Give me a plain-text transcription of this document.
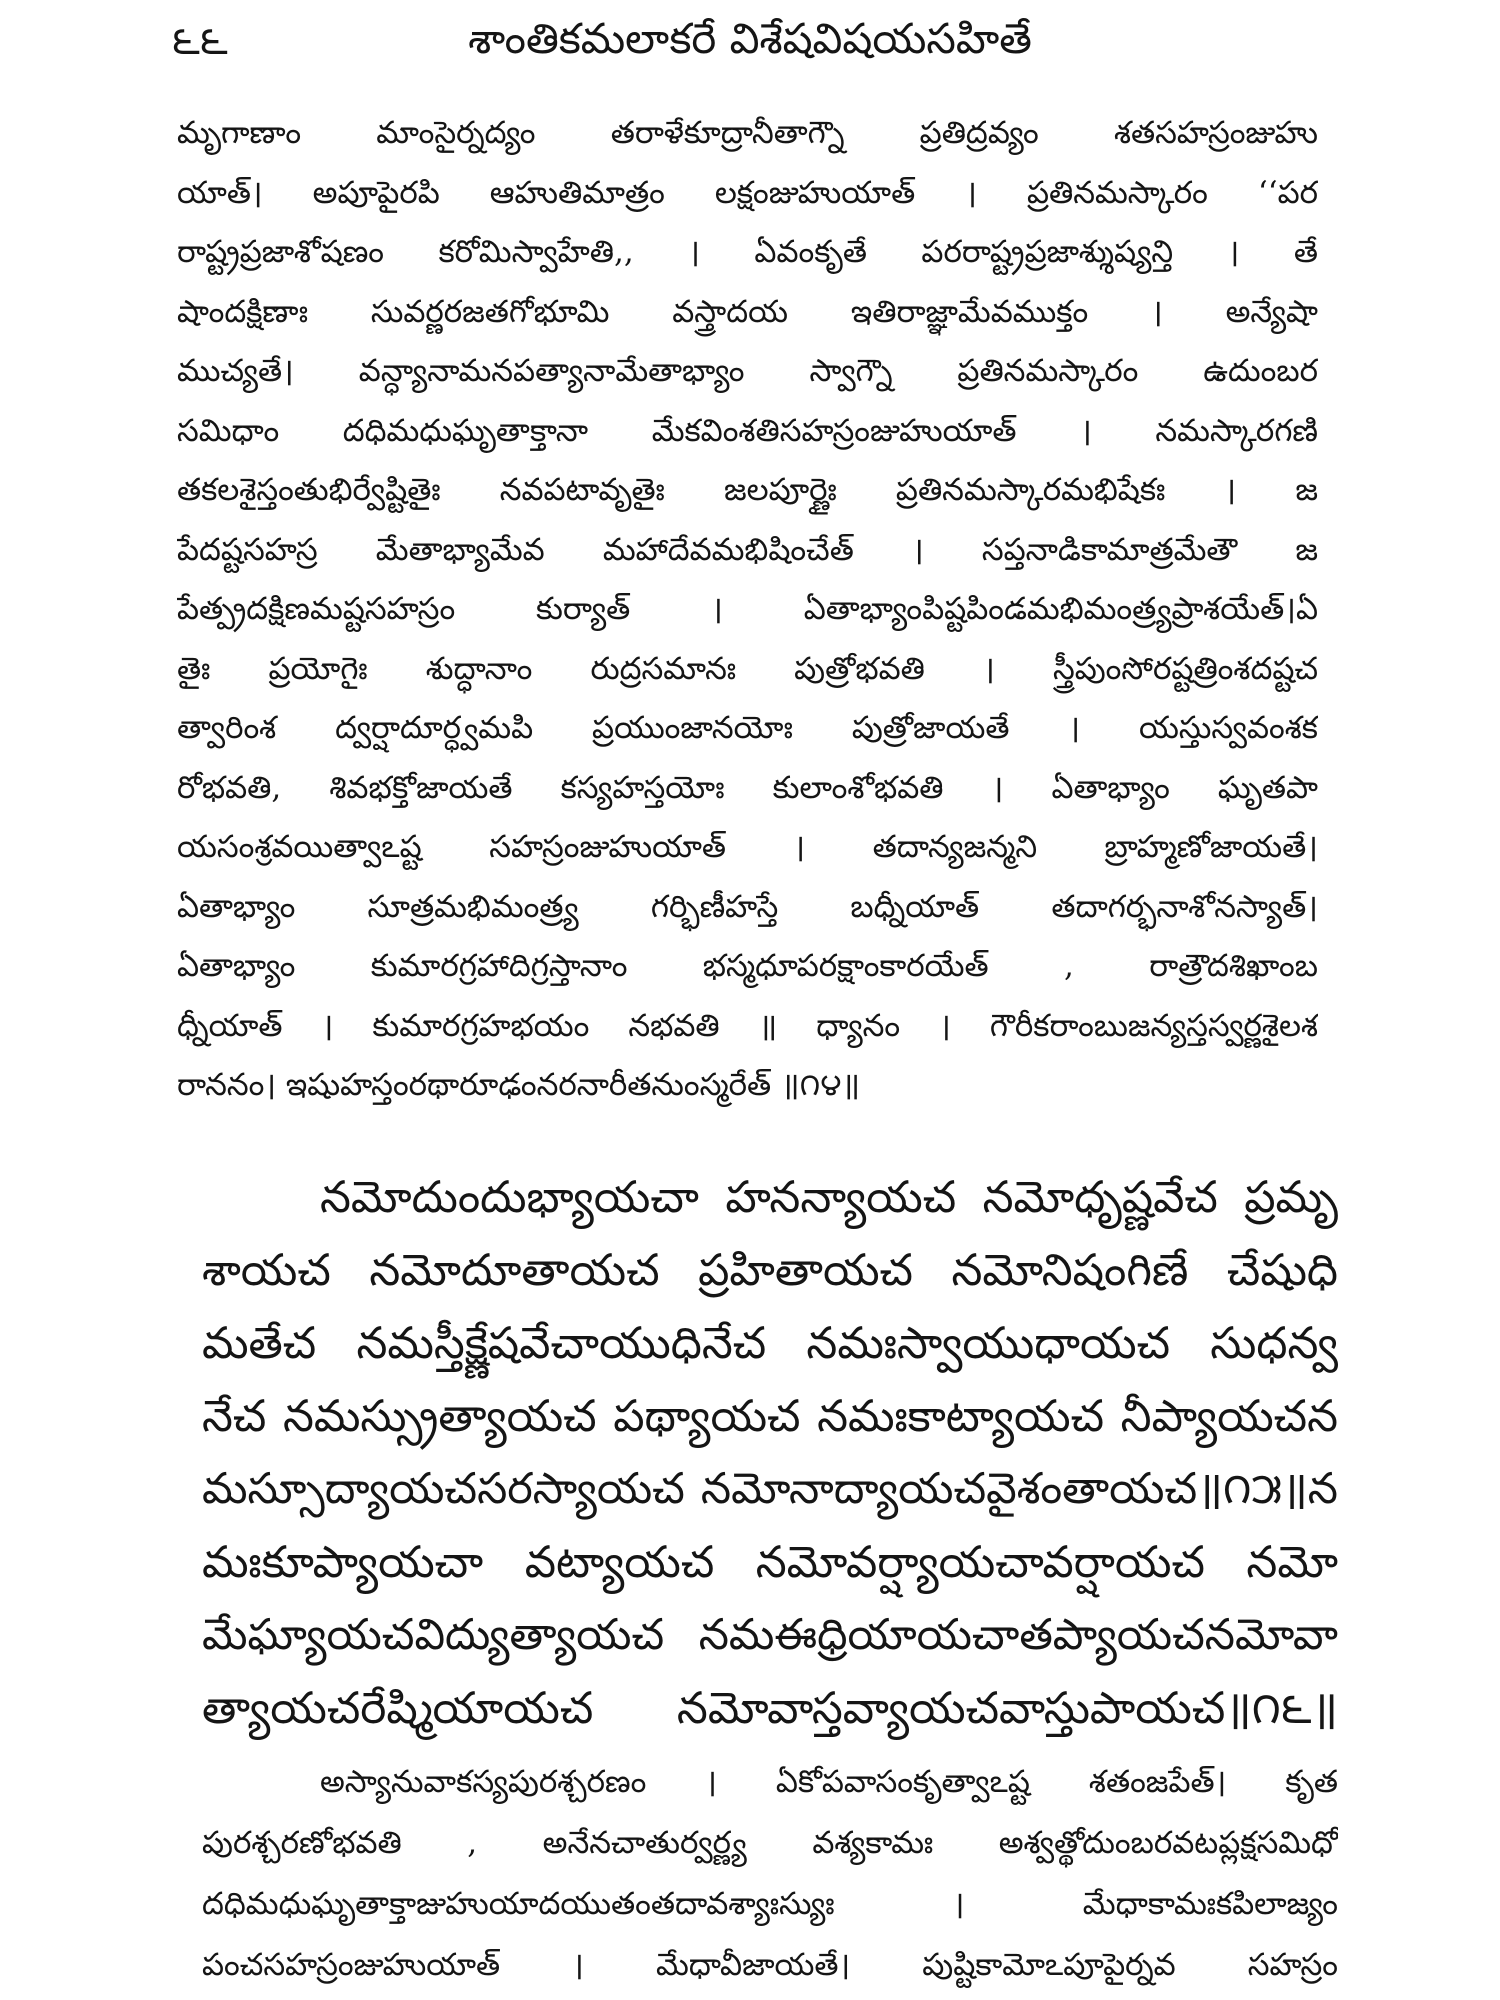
౬౬	శాంతికమలాకరే విశేషవిషయసహితే
మృగాణాం మాంసైర్నద్యం తరాళేకూద్రానీతాగ్నౌ ప్రతిద్రవ్యం శతసహస్రంజుహు
యాత్। అపూపైరపి ఆహుతిమాత్రం లక్షంజుహుయాత్ । ప్రతినమస్కారం ‘‘పర
రాష్ట్రప్రజాశోషణం కరోమిస్వాహేతి,, । ఏవంకృతే పరరాష్ట్రప్రజాశ్శుష్యన్తి । తే
షాందక్షిణాః సువర్ణరజతగోభూమి వస్త్రాదయ ఇతిరాజ్ఞామేవముక్తం । అన్యేషా
ముచ్యతే। వన్ధ్యానామనపత్యానామేతాభ్యాం స్వాగ్నౌ ప్రతినమస్కారం ఉదుంబర
సమిధాం దధిమధుఘృతాక్తానా మేకవింశతిసహస్రంజుహుయాత్ । నమస్కారగణి
తకలశైస్తంతుభిర్వేష్టితైః నవపటావృతైః జలపూర్ణైః ప్రతినమస్కారమభిషేకః । జ
పేదష్టసహస్ర మేతాభ్యామేవ మహాదేవమభిషించేత్ । సప్తనాడికామాత్రమేతౌ జ
పేత్ప్రదక్షిణమష్టసహస్రం కుర్యాత్ । ఏతాభ్యాంపిష్టపిండమభిమంత్ర్యప్రాశయేత్।ఏ
తైః ప్రయోగైః శుద్ధానాం రుద్రసమానః పుత్రోభవతి । స్త్రీపుంసోరష్టత్రింశదష్టచ
త్వారింశ ద్వర్షాదూర్ధ్వమపి ప్రయుంజానయోః పుత్రోజాయతే । యస్తుస్వవంశక
రోభవతి, శివభక్తోజాయతే కస్యహస్తయోః కులాంశోభవతి । ఏతాభ్యాం ఘృతపా
యసంశ్రవయిత్వాఽష్ట సహస్రంజుహుయాత్ । తదాన్యజన్మని బ్రాహ్మణోజాయతే।
ఏతాభ్యాం సూత్రమభిమంత్ర్య గర్భిణీహస్తే బధ్నీయాత్ తదాగర్భనాశోనస్యాత్।
ఏతాభ్యాం కుమారగ్రహాదిగ్రస్తానాం భస్మధూపరక్షాంకారయేత్ , రాత్రౌదశిఖాంబ
ధ్నీయాత్ । కుమారగ్రహభయం నభవతి ॥ ధ్యానం । గౌరీకరాంబుజన్యస్తస్వర్ణశైలశ
రాననం। ఇషుహస్తంరథారూఢంనరనారీతనుంస్మరేత్ ॥౧౪॥
నమోదుందుభ్యాయచా హనన్యాయచ నమోధృష్ణవేచ ప్రమృ
శాయచ నమోదూతాయచ ప్రహితాయచ నమోనిషంగిణే చేషుధి
మతేచ నమస్తీక్ష్ణేషవేచాయుధినేచ నమఃస్వాయుధాయచ సుధన్వ
నేచ నమస్స్రుత్యాయచ పథ్యాయచ నమఃకాట్యాయచ నీప్యాయచన
మస్సూద్యాయచసరస్యాయచ నమోనాద్యాయచవైశంతాయచ॥౧౫॥న
మఃకూప్యాయచా వట్యాయచ నమోవర్ష్యాయచావర్షాయచ నమో
మేఘ్యాయచవిద్యుత్యాయచ నమఈధ్రియాయచాతప్యాయచనమోవా
త్యాయచరేష్మియాయచ నమోవాస్తవ్యాయచవాస్తుపాయచ॥౧౬॥
అస్యానువాకస్యపురశ్చరణం । ఏకోపవాసంకృత్వాఽష్ట శతంజపేత్। కృత
పురశ్చరణోభవతి , అనేనచాతుర్వర్ణ్య వశ్యకామః అశ్వత్థోదుంబరవటప్లక్షసమిధో
దధిమధుఘృతాక్తాజుహుయాదయుతంతదావశ్యాఃస్యుః । మేధాకామఃకపిలాజ్యం
పంచసహస్రంజుహుయాత్ । మేధావీజాయతే। పుష్టికామోఽపూపైర్నవ సహస్రం
